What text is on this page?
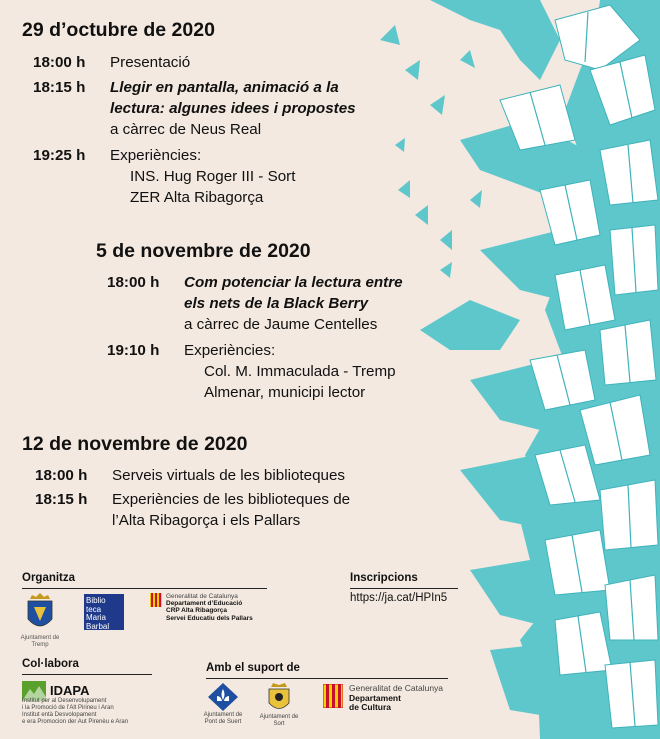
29 d’octubre de 2020
18:00 h Presentació
18:15 h Llegir en pantalla, animació a la
lectura: algunes idees i propostes
a càrrec de Neus Real
19:25 h Experiències:
INS. Hug Roger III - Sort
ZER Alta Ribagorça
5 de novembre de 2020
18:00 h Com potenciar la lectura entre
els nets de la Black Berry
a càrrec de Jaume Centelles
19:10 h Experiències:
Col. M. Immaculada - Tremp
Almenar, municipi lector
12 de novembre de 2020
18:00 h Serveis virtuals de les biblioteques
18:15 h Experiències de les biblioteques de
l’Alta Ribagorça i els Pallars
Organitza
Ajuntament de Tremp
Biblio teca Maria Barbal
Generalitat de Catalunya
Departament d’Educació
CRP Alta Ribagorça
Servei Educatiu dels Pallars
Inscripcions
https://ja.cat/HPIn5
Col·labora
IDAPA
Institut per al Desenvolupament
i la Promoció de l’Alt Pirineu i Aran
Institut entà Desvolopament
e era Promocion der Aut Pirenèu e Aran
Amb el suport de
Ajuntament de Pont de Suert
Ajuntament de Sort
Generalitat de Catalunya
Departament
de Cultura
